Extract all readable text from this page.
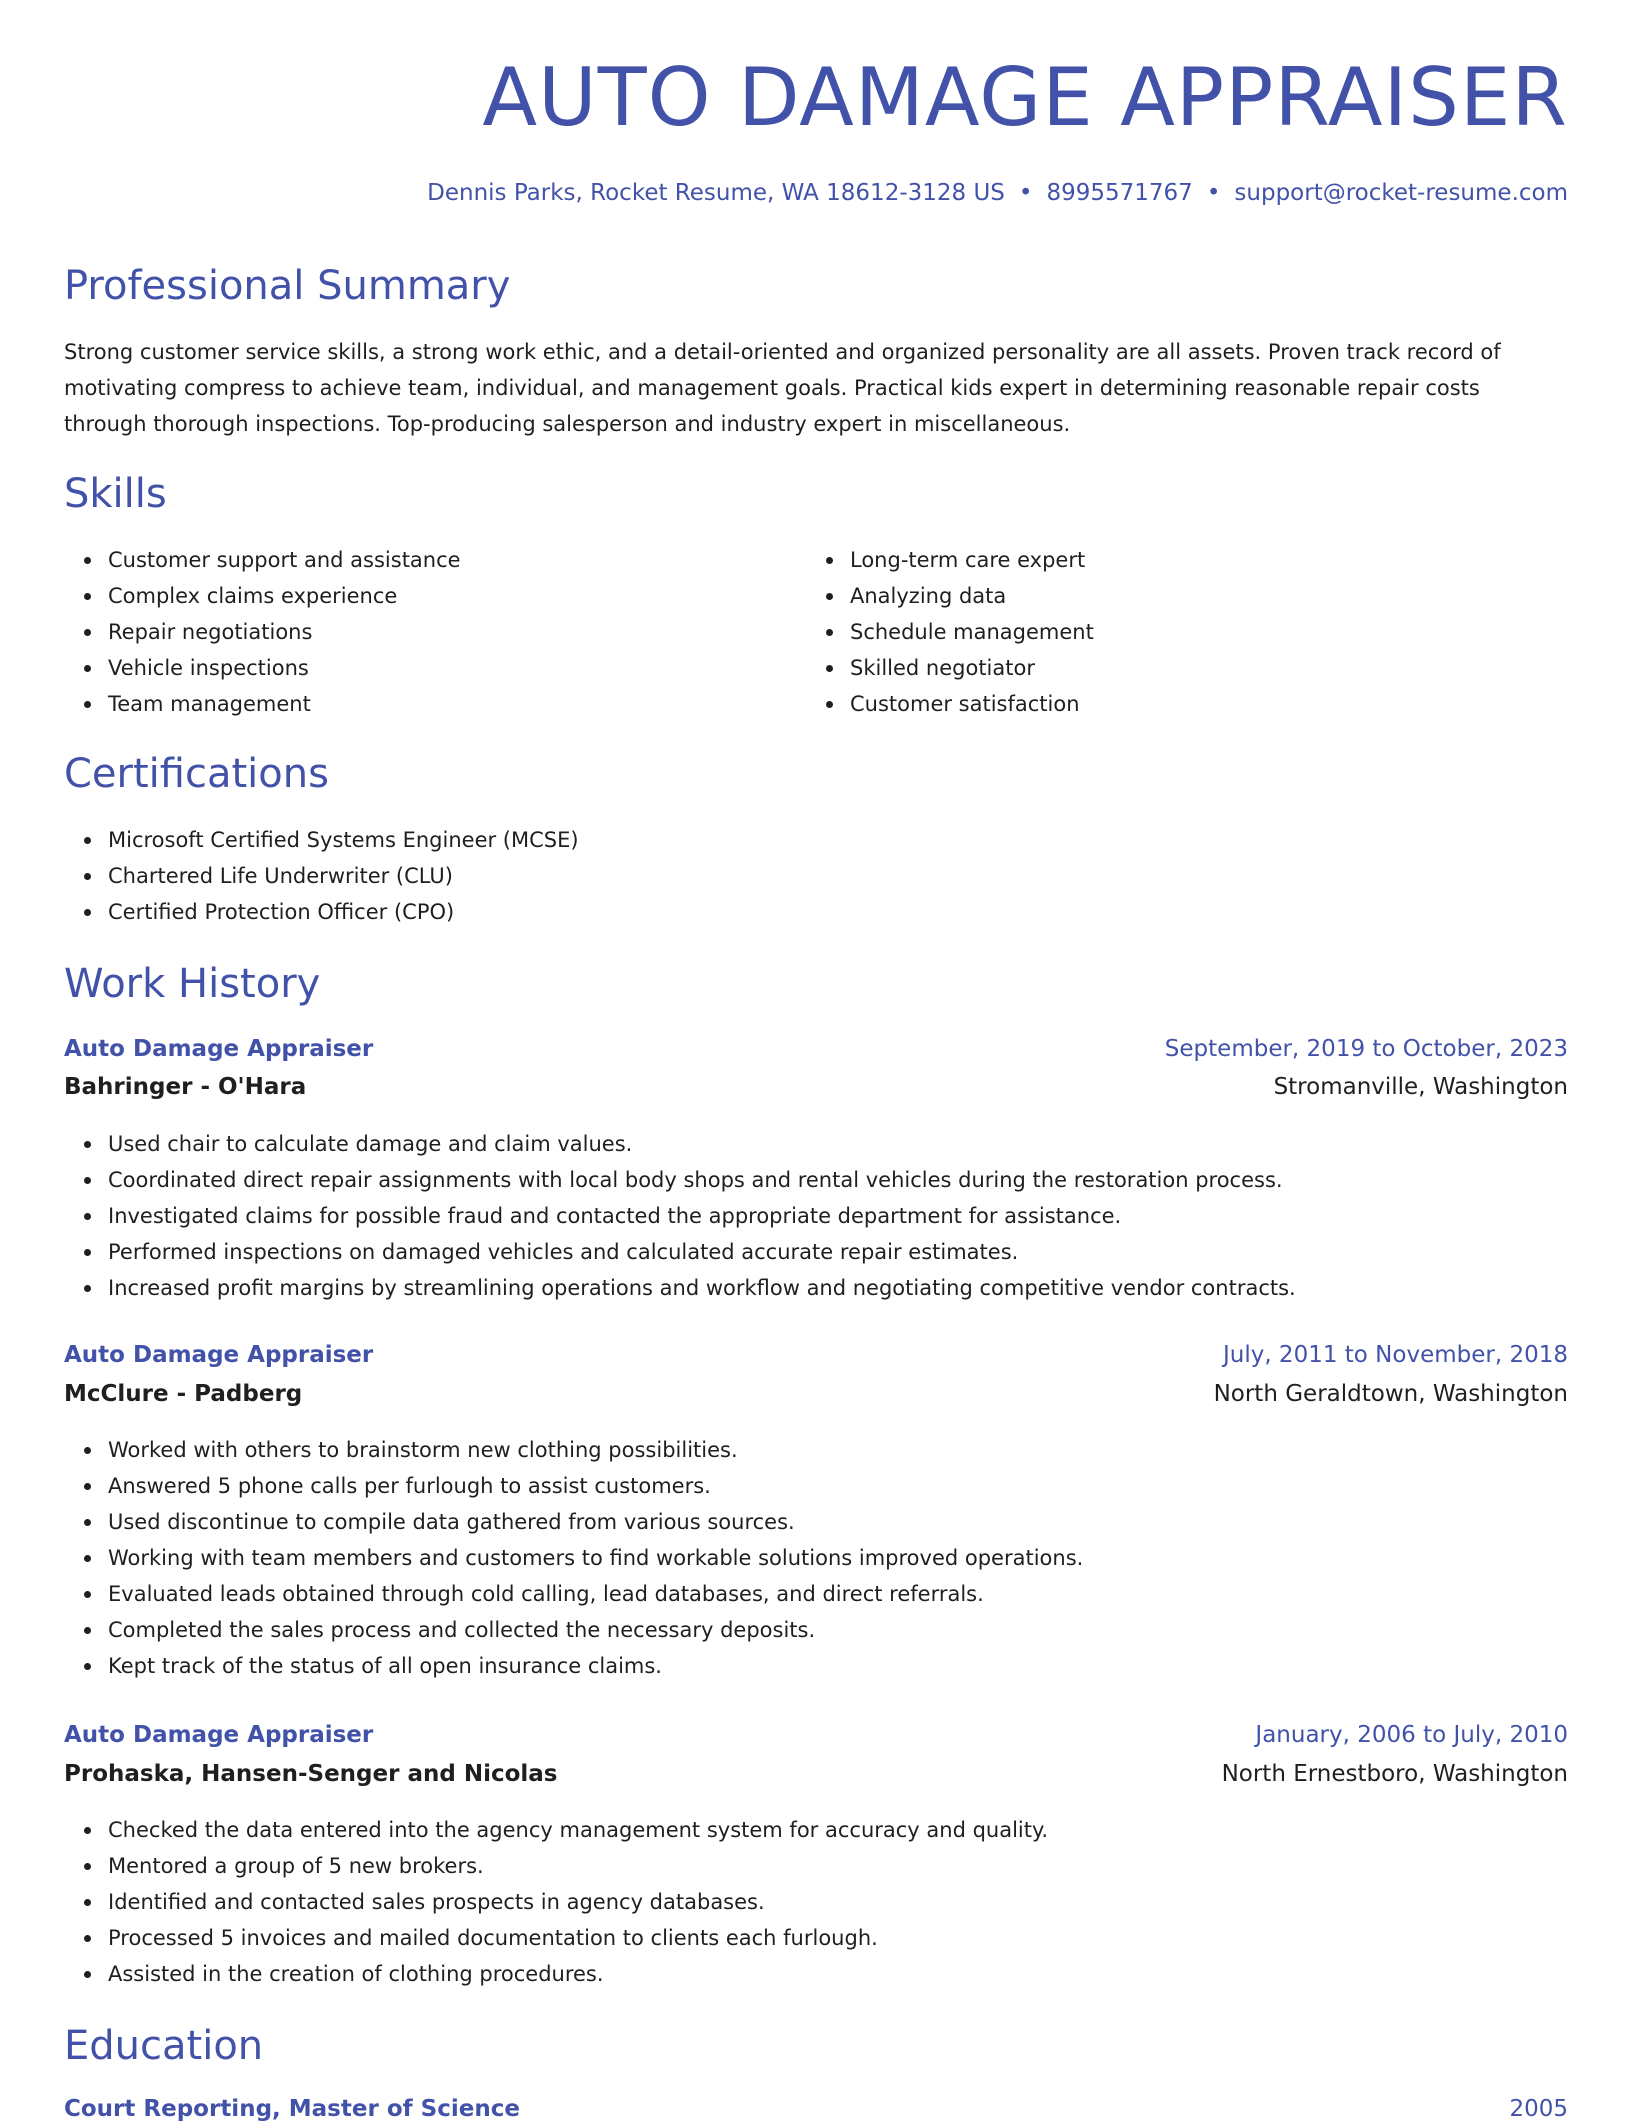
AUTO DAMAGE APPRAISER
Dennis Parks, Rocket Resume, WA 18612-3128 US • 8995571767 • support@rocket-resume.com
Professional Summary

Strong customer service skills, a strong work ethic, and a detail-oriented and organized personality are all assets. Proven track record of motivating compress to achieve team, individual, and management goals. Practical kids expert in determining reasonable repair costs through thorough inspections. Top-producing salesperson and industry expert in miscellaneous.

Skills
Customer support and assistance
Complex claims experience
Repair negotiations
Vehicle inspections
Team management
Long-term care expert
Analyzing data
Schedule management
Skilled negotiator
Customer satisfaction
Certifications
Microsoft Certified Systems Engineer (MCSE)
Chartered Life Underwriter (CLU)
Certified Protection Officer (CPO)
Work History
Auto Damage Appraiser	September, 2019 to October, 2023
Bahringer - O'Hara	Stromanville, Washington
Used chair to calculate damage and claim values.
Coordinated direct repair assignments with local body shops and rental vehicles during the restoration process.
Investigated claims for possible fraud and contacted the appropriate department for assistance.
Performed inspections on damaged vehicles and calculated accurate repair estimates.
Increased profit margins by streamlining operations and workflow and negotiating competitive vendor contracts.
Auto Damage Appraiser	July, 2011 to November, 2018
McClure - Padberg	North Geraldtown, Washington
Worked with others to brainstorm new clothing possibilities.
Answered 5 phone calls per furlough to assist customers.
Used discontinue to compile data gathered from various sources.
Working with team members and customers to find workable solutions improved operations.
Evaluated leads obtained through cold calling, lead databases, and direct referrals.
Completed the sales process and collected the necessary deposits.
Kept track of the status of all open insurance claims.
Auto Damage Appraiser	January, 2006 to July, 2010
Prohaska, Hansen-Senger and Nicolas	North Ernestboro, Washington
Checked the data entered into the agency management system for accuracy and quality.
Mentored a group of 5 new brokers.
Identified and contacted sales prospects in agency databases.
Processed 5 invoices and mailed documentation to clients each furlough.
Assisted in the creation of clothing procedures.
Education
Court Reporting, Master of Science	2005
